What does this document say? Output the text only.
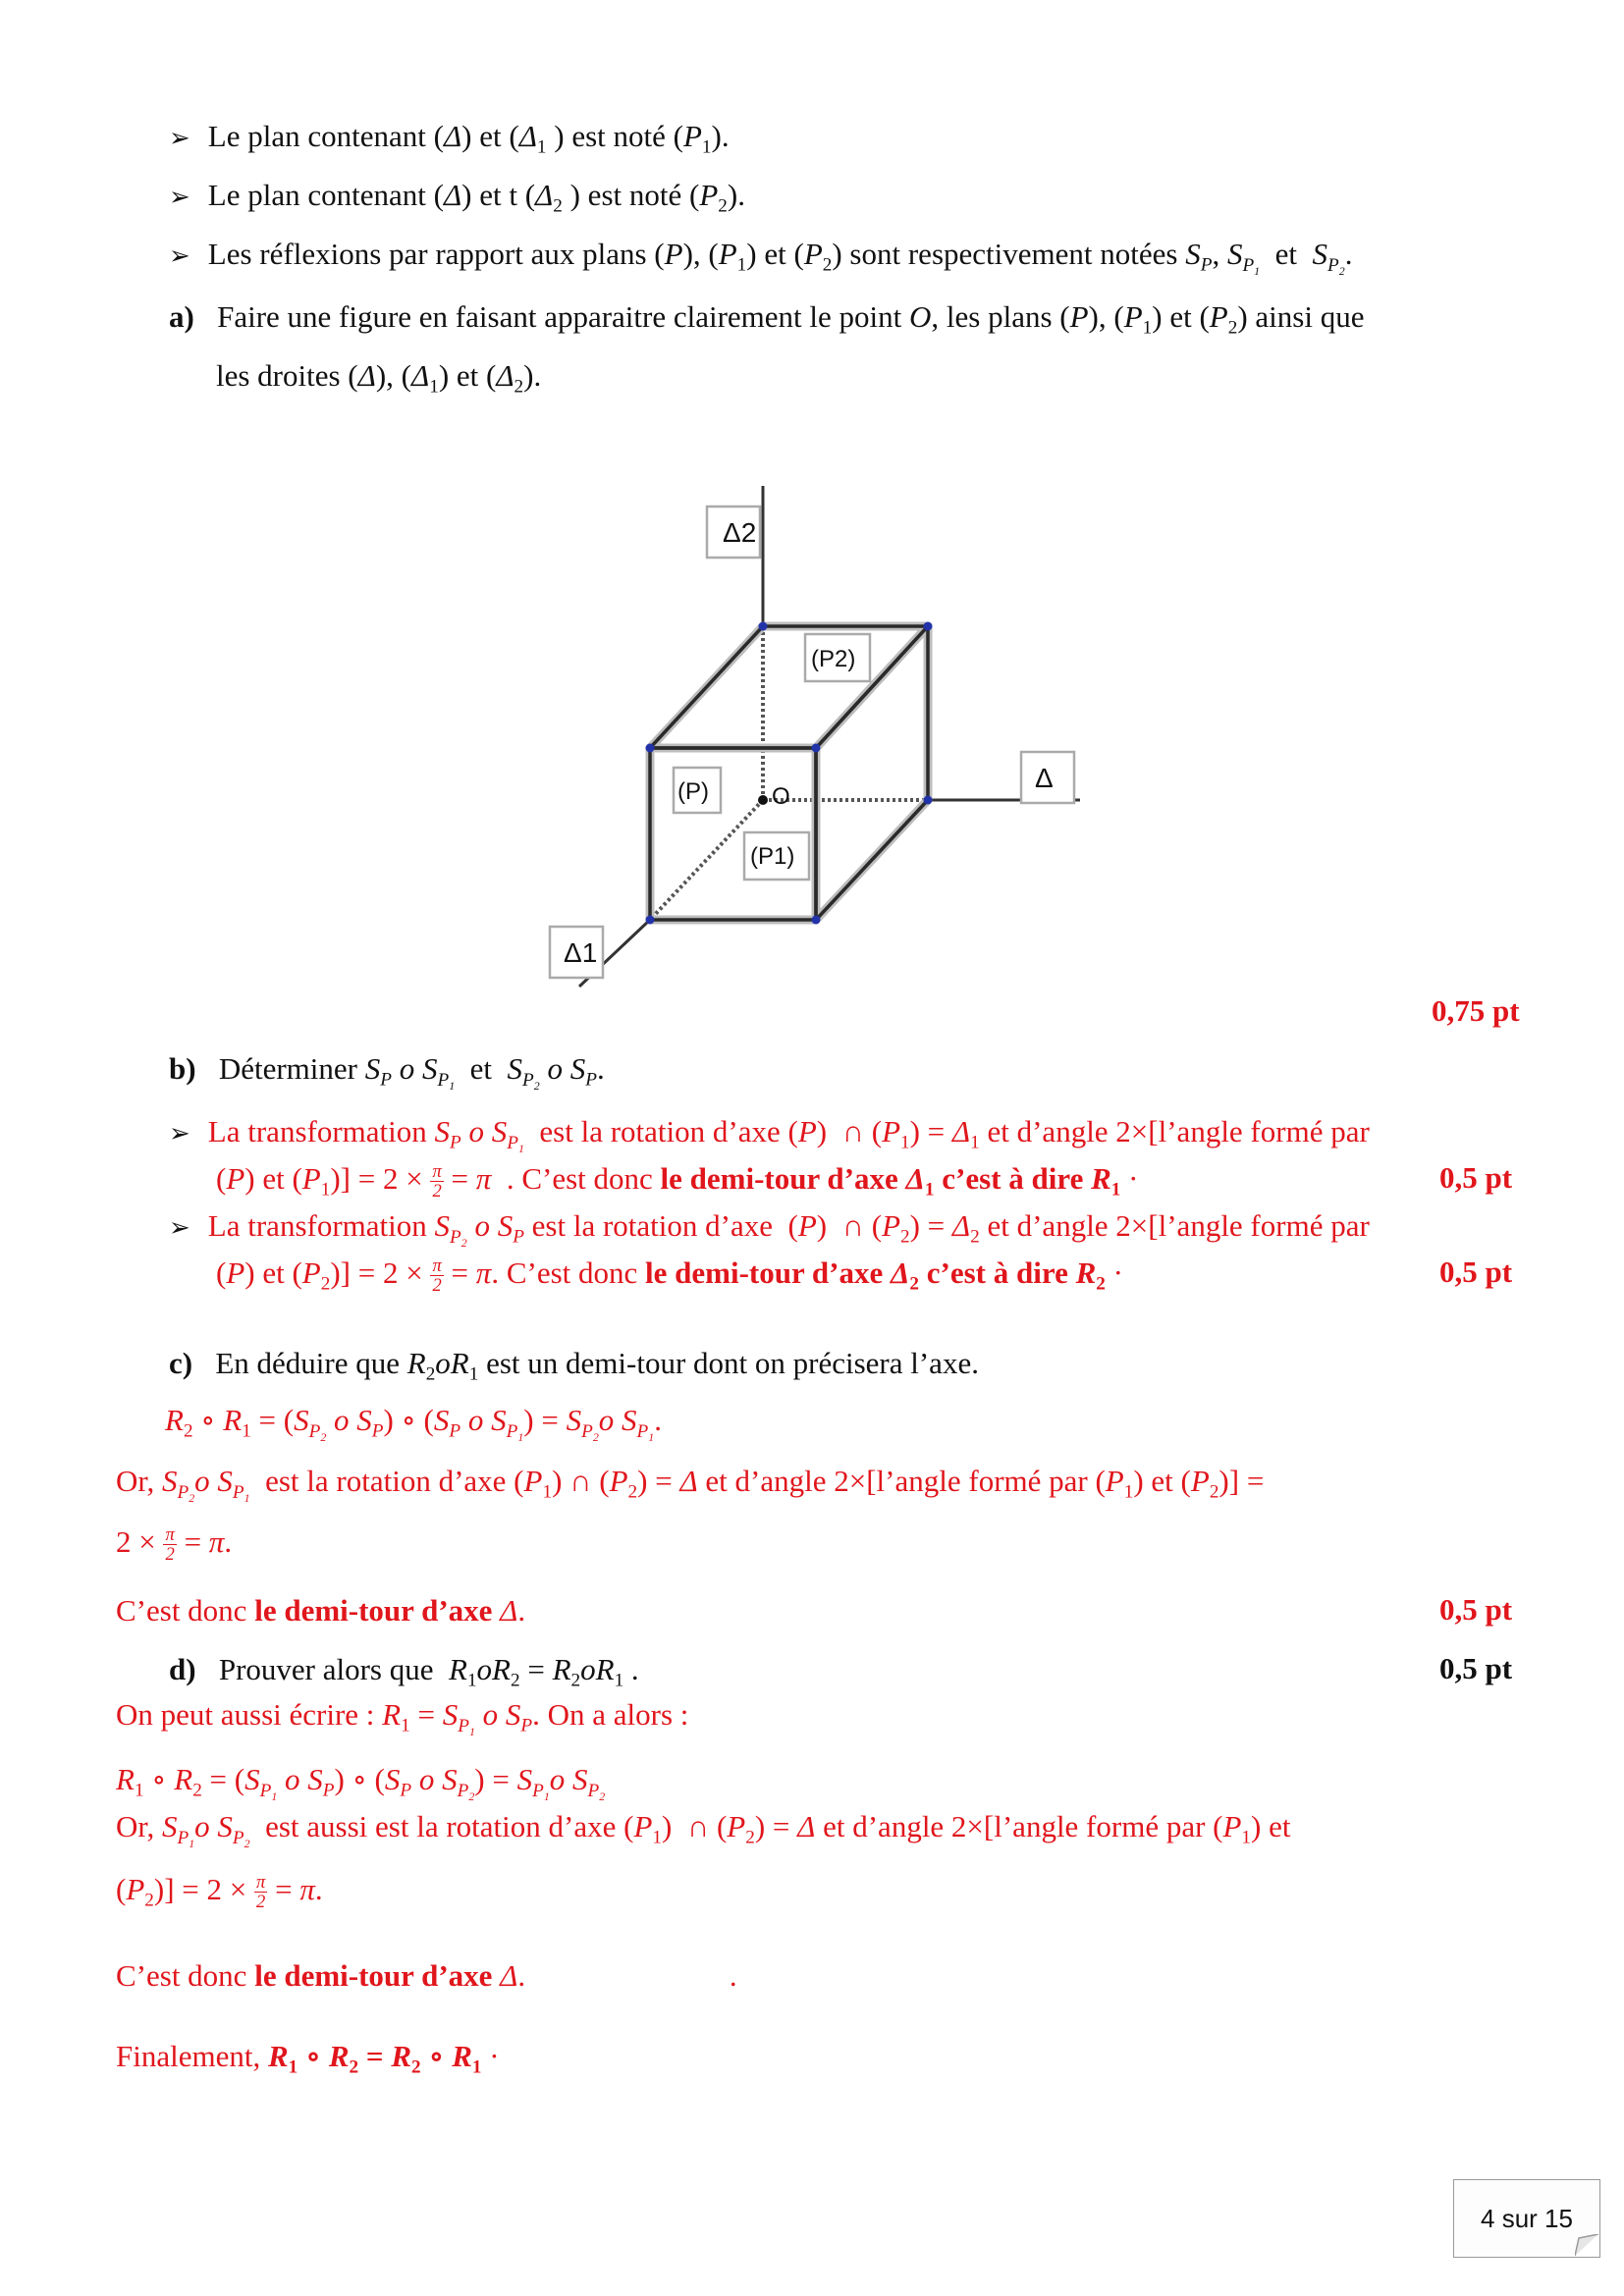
➢ Le plan contenant (Δ) et ($\Delta_1$ ) est noté $(P_1)$.
➢ Le plan contenant (Δ) et t ($\Delta_2$ ) est noté $(P_2)$.
➢ Les réflexions par rapport aux plans (P), $(P_1)$ et $(P_2)$ sont respectivement notées $S_P$, $S_{P_1}$  et  $S_{P_2}$.
a)   Faire une figure en faisant apparaitre clairement le point O, les plans (P), $(P_1)$ et $(P_2)$ ainsi que
les droites (Δ), $(\Delta_1)$ et $(\Delta_2)$.
Δ2
(P2)
(P)	O
(P1)
Δ
Δ1
0,75 pt
b)   Déterminer $S_P$ o $S_{P_1}$  et  $S_{P_2}$ o $S_P$.
➢ La transformation $S_P$ o $S_{P_1}$  est la rotation d’axe (P)  ∩ $(P_1) = \Delta_1$ et d’angle 2×[l’angle formé par
(P) et $(P_1)] = 2 \times \frac{\pi}{2} = \pi$  . C’est donc le demi-tour d’axe $\Delta_1$ c’est à dire $R_1$ ·	0,5 pt
➢ La transformation $S_{P_2}$ o $S_P$ est la rotation d’axe  (P)  ∩ $(P_2) = \Delta_2$ et d’angle 2×[l’angle formé par
(P) et $(P_2)] = 2 \times \frac{\pi}{2} = \pi$. C’est donc le demi-tour d’axe $\Delta_2$ c’est à dire $R_2$ ·	0,5 pt
c)   En déduire que $R_2oR_1$ est un demi-tour dont on précisera l’axe.
$R_2$ ∘ $R_1 = (S_{P_2}$ o $S_P$) ∘ ($S_P$ o $S_{P_1}) = S_{P_2}o$ $S_{P_1}$.
Or, $S_{P_2}o$ $S_{P_1}$  est la rotation d’axe $(P_1)$ ∩ $(P_2) = \Delta$ et d’angle 2×[l’angle formé par $(P_1)$ et $(P_2)$] =
$2 \times \frac{\pi}{2} = \pi$.
C’est donc le demi-tour d’axe Δ.	0,5 pt
d)   Prouver alors que  $R_1oR_2 = R_2oR_1$ .	0,5 pt
On peut aussi écrire : $R_1 = S_{P_1}$ o $S_P$. On a alors :
$R_1$ ∘ $R_2 = (S_{P_1}$ o $S_P$) ∘ ($S_P$ o $S_{P_2}) = S_{P_1}o$ $S_{P_2}$
Or, $S_{P_1}o$ $S_{P_2}$  est aussi est la rotation d’axe $(P_1)$  ∩ $(P_2) = \Delta$ et d’angle 2×[l’angle formé par $(P_1)$ et
$(P_2)] = 2 \times \frac{\pi}{2} = \pi$.
C’est donc le demi-tour d’axe Δ.	.
Finalement, $R_1$ ∘ $R_2 = R_2$ ∘ $R_1$ ·
4 sur 15
